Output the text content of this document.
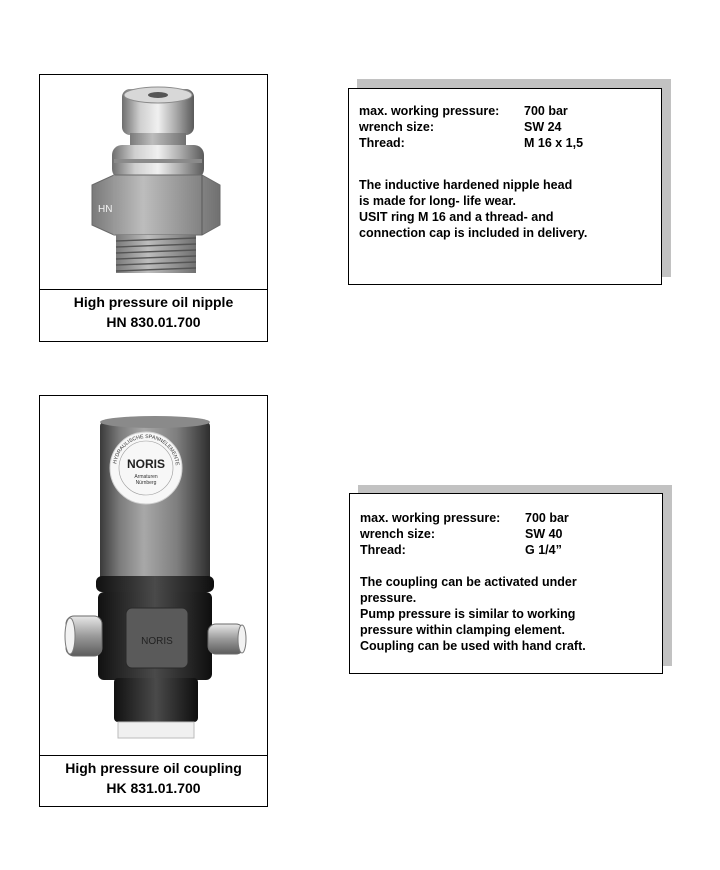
HN
High pressure oil nipple
HN 830.01.700
max. working pressure:	700 bar
wrench size:	SW 24
Thread:	M 16 x 1,5
The inductive hardened nipple head
is made for long- life wear.
USIT ring M 16 and a thread- and
connection cap is included in delivery.
NORIS
Armaturen
Nürnberg
HYDRAULISCHE SPANNELEMENTE
NORIS
High pressure oil coupling
HK 831.01.700
max. working pressure:	700 bar
wrench size:	SW 40
Thread:	G 1/4”
The coupling can be activated under
pressure.
Pump pressure is similar to working
pressure within clamping element.
Coupling can be used with hand craft.
